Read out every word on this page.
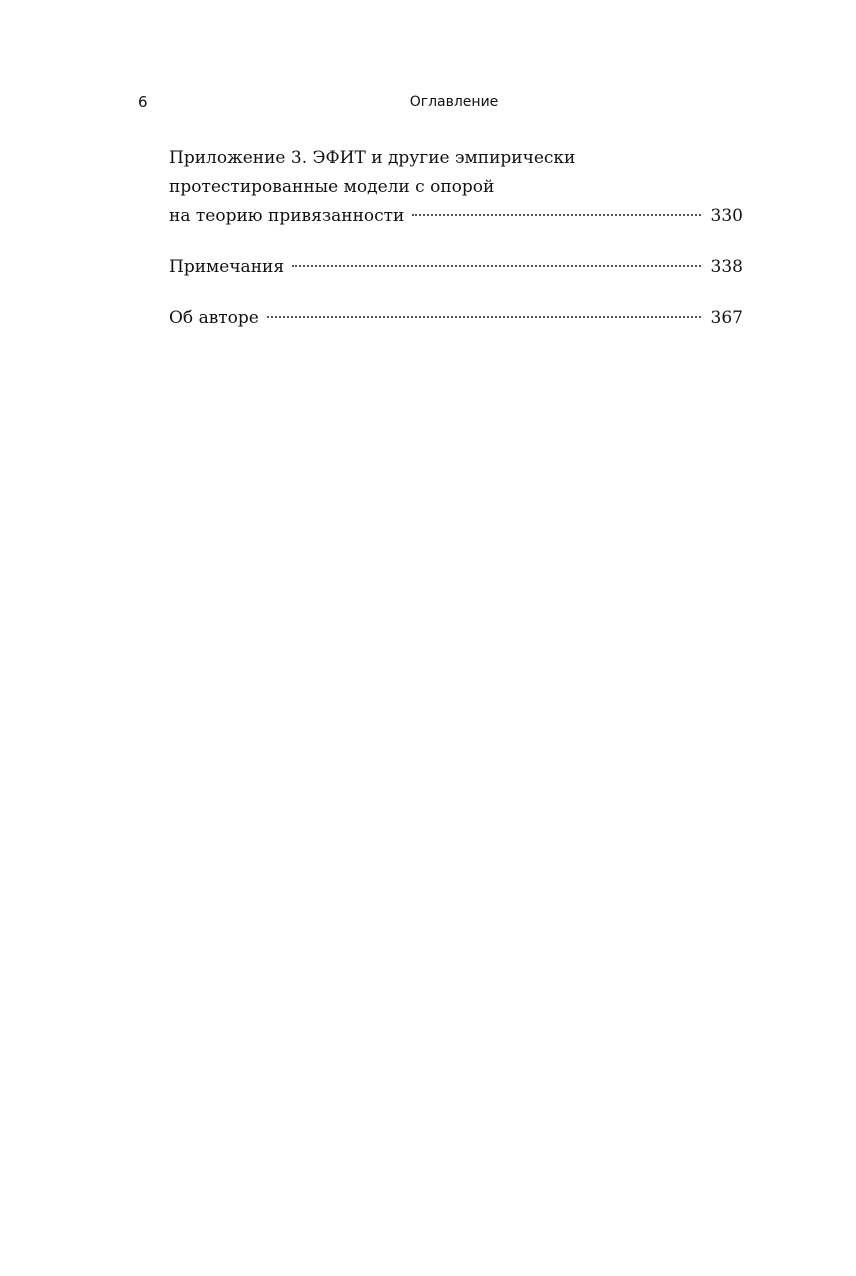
6	Оглавление
Приложение 3. ЭФИТ и другие эмпирически
протестированные модели с опорой
на теорию привязанности	330
Примечания	338
Об авторе	367
